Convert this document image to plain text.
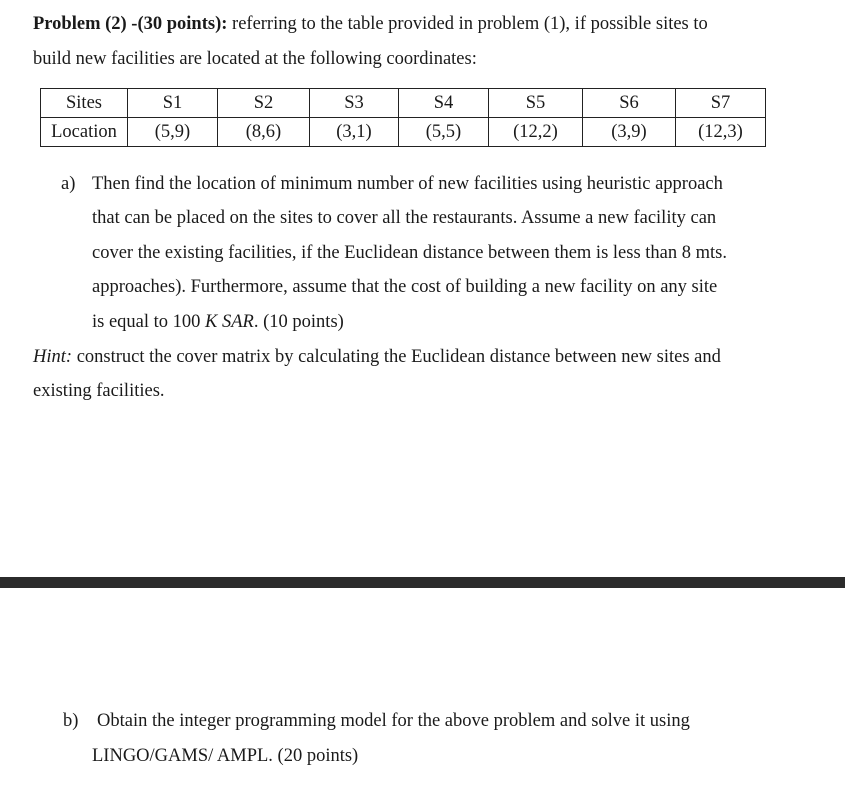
Problem (2) -(30 points): referring to the table provided in problem (1), if possible sites to
build new facilities are located at the following coordinates:
Sites	S1	S2	S3	S4	S5	S6	S7
Location	(5,9)	(8,6)	(3,1)	(5,5)	(12,2)	(3,9)	(12,3)
a) Then find the location of minimum number of new facilities using heuristic approach
that can be placed on the sites to cover all the restaurants. Assume a new facility can
cover the existing facilities, if the Euclidean distance between them is less than 8 mts.
approaches). Furthermore, assume that the cost of building a new facility on any site
is equal to 100 K SAR. (10 points)
Hint: construct the cover matrix by calculating the Euclidean distance between new sites and
existing facilities.
b) Obtain the integer programming model for the above problem and solve it using
LINGO/GAMS/ AMPL. (20 points)
